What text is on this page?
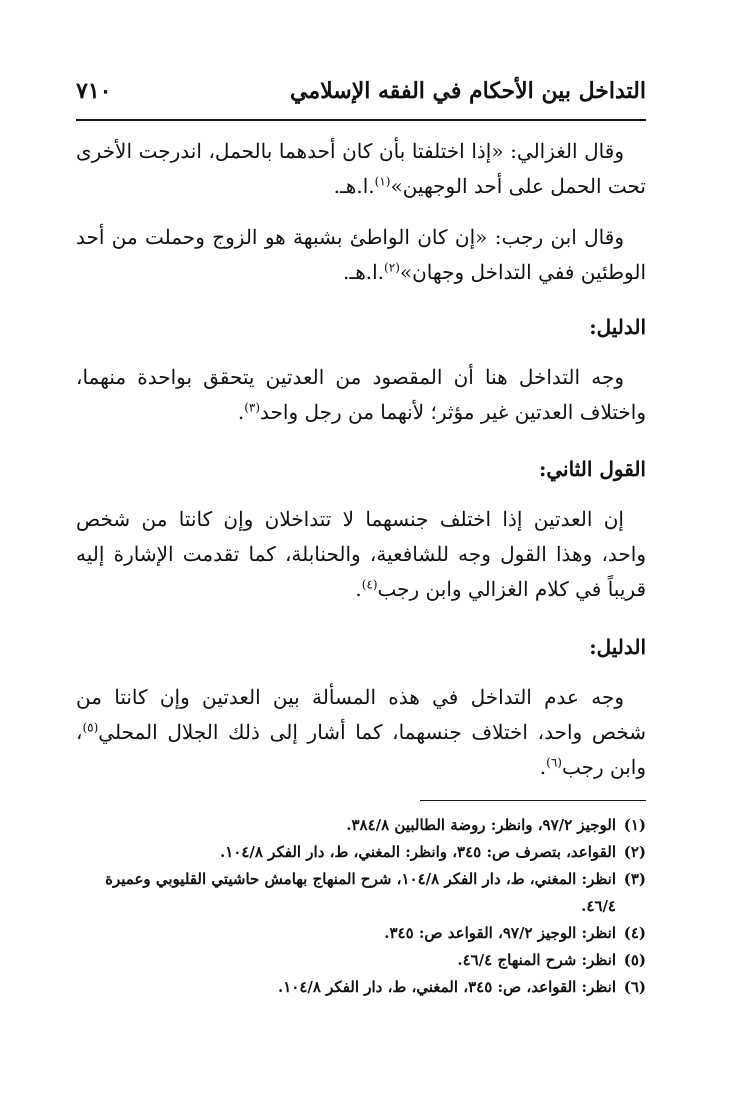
التداخل بين الأحكام في الفقه الإسلامي
٧١٠

وقال الغزالي: «إذا اختلفتا بأن كان أحدهما بالحمل، اندرجت الأخرى تحت الحمل على أحد الوجهين»$^{(١)}$.ا.هـ.

وقال ابن رجب: «إن كان الواطئ بشبهة هو الزوج وحملت من أحد الوطئين ففي التداخل وجهان»$^{(٢)}$.ا.هـ.

الدليل:

وجه التداخل هنا أن المقصود من العدتين يتحقق بواحدة منهما، واختلاف العدتين غير مؤثر؛ لأنهما من رجل واحد$^{(٣)}$.

القول الثاني:

إن العدتين إذا اختلف جنسهما لا تتداخلان وإن كانتا من شخص واحد، وهذا القول وجه للشافعية، والحنابلة، كما تقدمت الإشارة إليه قريباً في كلام الغزالي وابن رجب$^{(٤)}$.

الدليل:

وجه عدم التداخل في هذه المسألة بين العدتين وإن كانتا من شخص واحد، اختلاف جنسهما، كما أشار إلى ذلك الجلال المحلي$^{(٥)}$، وابن رجب$^{(٦)}$.

(١)
الوجيز ٩٧/٢، وانظر: روضة الطالبين ٣٨٤/٨.
(٢)
القواعد، بتصرف ص: ٣٤٥، وانظر: المغني، ط، دار الفكر ١٠٤/٨.
(٣)
انظر: المغني، ط، دار الفكر ١٠٤/٨، شرح المنهاج بهامش حاشيتي القليوبي وعميرة ٤٦/٤.
(٤)
انظر: الوجيز ٩٧/٢، القواعد ص: ٣٤٥.
(٥)
انظر: شرح المنهاج ٤٦/٤.
(٦)
انظر: القواعد، ص: ٣٤٥، المغني، ط، دار الفكر ١٠٤/٨.
